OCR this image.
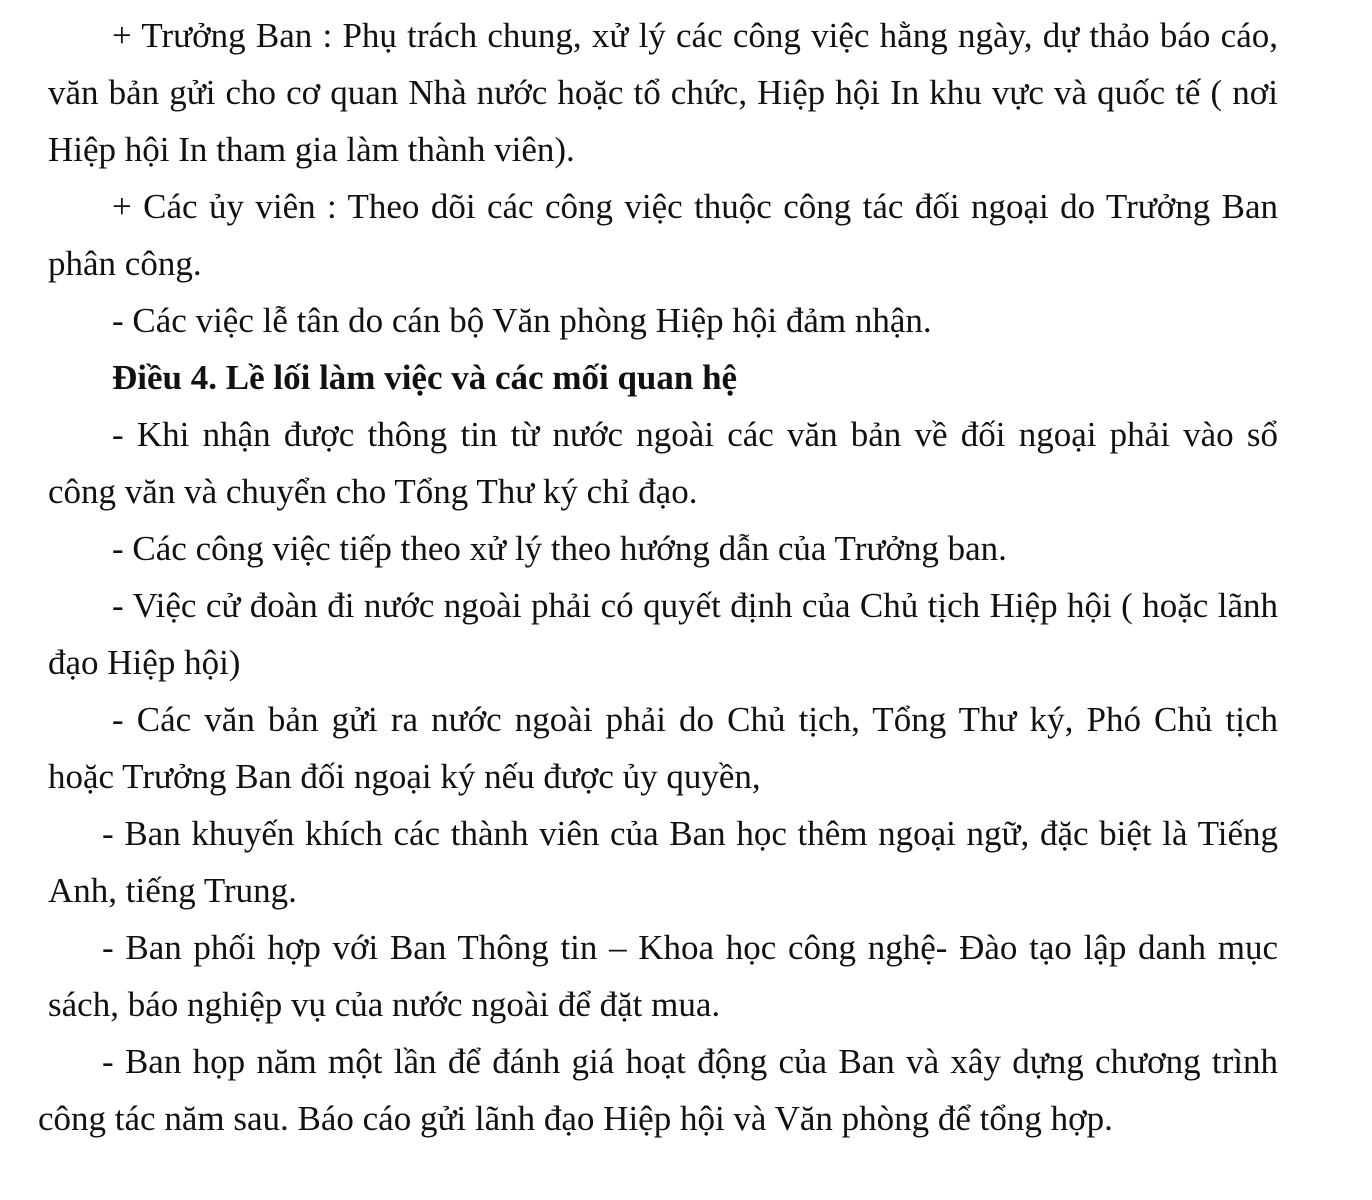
+ Trưởng Ban : Phụ trách chung, xử lý các công việc hằng ngày, dự thảo báo cáo, văn bản gửi cho cơ quan Nhà nước hoặc tổ chức, Hiệp hội In khu vực và quốc tế ( nơi Hiệp hội In tham gia làm thành viên).

+ Các ủy viên : Theo dõi các công việc thuộc công tác đối ngoại do Trưởng Ban phân công.

- Các việc lễ tân do cán bộ Văn phòng Hiệp hội đảm nhận.

Điều 4. Lề lối làm việc và các mối quan hệ

- Khi nhận được thông tin từ nước ngoài các văn bản về đối ngoại phải vào sổ công văn và chuyển cho Tổng Thư ký chỉ đạo.

- Các công việc tiếp theo xử lý theo hướng dẫn của Trưởng ban.

- Việc cử đoàn đi nước ngoài phải có quyết định của Chủ tịch Hiệp hội ( hoặc lãnh đạo Hiệp hội)

- Các văn bản gửi ra nước ngoài phải do Chủ tịch, Tổng Thư ký, Phó Chủ tịch hoặc Trưởng Ban đối ngoại ký nếu được ủy quyền,

- Ban khuyến khích các thành viên của Ban học thêm ngoại ngữ, đặc biệt là Tiếng Anh, tiếng Trung.

- Ban phối hợp với Ban Thông tin – Khoa học công nghệ- Đào tạo lập danh mục sách, báo nghiệp vụ của nước ngoài để đặt mua.

- Ban họp năm một lần để đánh giá hoạt động của Ban và xây dựng chương trình công tác năm sau. Báo cáo gửi lãnh đạo Hiệp hội và Văn phòng để tổng hợp.
